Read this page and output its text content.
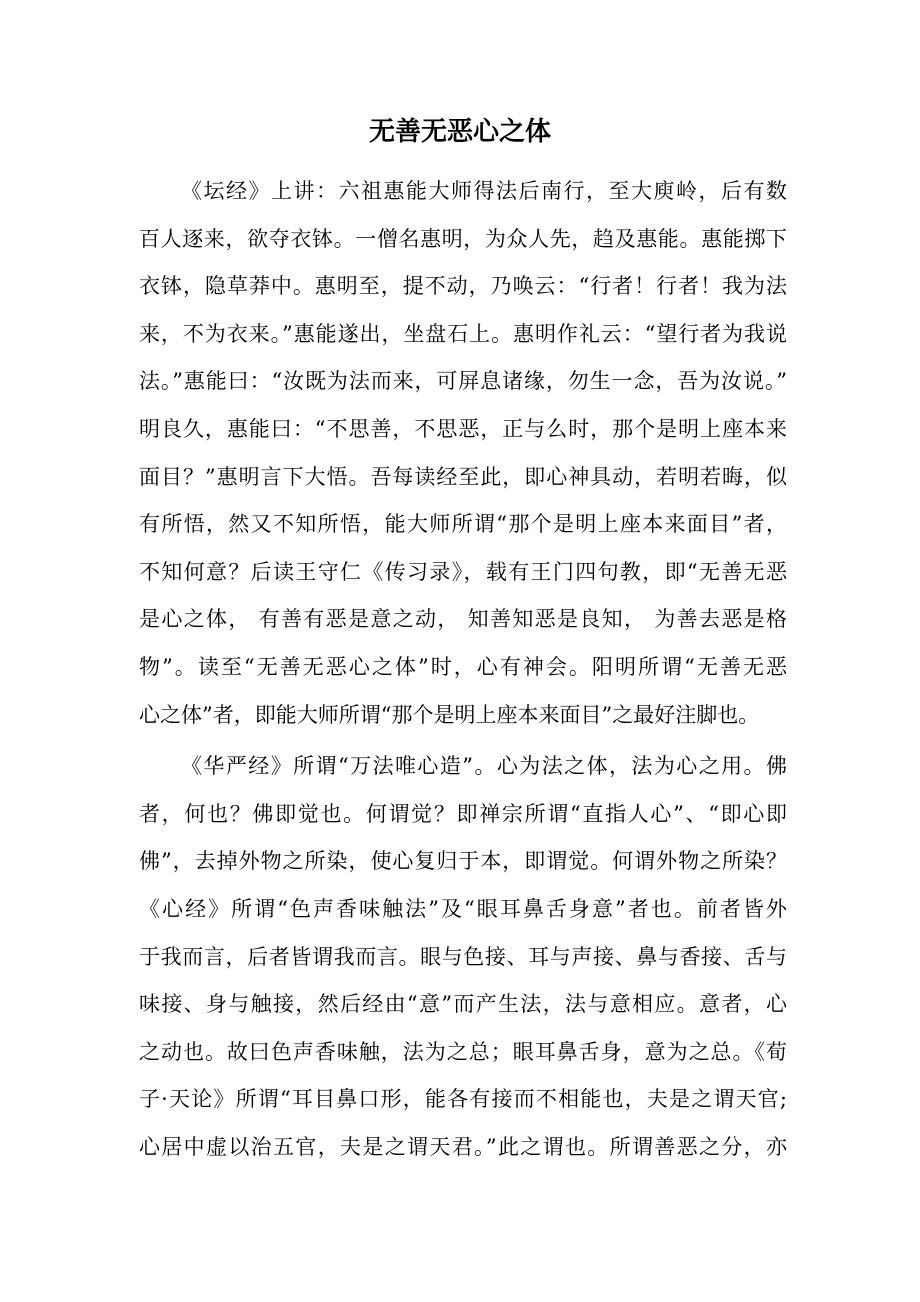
无善无恶心之体
《坛经》上讲：六祖惠能大师得法后南行，至大庾岭，后有数
百人逐来，欲夺衣钵。一僧名惠明，为众人先，趋及惠能。惠能掷下
衣钵，隐草莽中。惠明至，提不动，乃唤云：“行者！行者！我为法
来，不为衣来。”惠能遂出，坐盘石上。惠明作礼云：“望行者为我说
法。”惠能曰：“汝既为法而来，可屏息诸缘，勿生一念，吾为汝说。”
明良久，惠能曰：“不思善，不思恶，正与么时，那个是明上座本来
面目？”惠明言下大悟。吾每读经至此，即心神具动，若明若晦，似
有所悟，然又不知所悟，能大师所谓“那个是明上座本来面目”者，
不知何意？后读王守仁《传习录》，载有王门四句教，即“无善无恶
是心之体， 有善有恶是意之动， 知善知恶是良知， 为善去恶是格
物”。读至“无善无恶心之体”时，心有神会。阳明所谓“无善无恶
心之体”者，即能大师所谓“那个是明上座本来面目”之最好注脚也。
《华严经》所谓“万法唯心造”。心为法之体，法为心之用。佛
者，何也？佛即觉也。何谓觉？即禅宗所谓“直指人心”、“即心即
佛”，去掉外物之所染，使心复归于本，即谓觉。何谓外物之所染？
《心经》所谓“色声香味触法”及“眼耳鼻舌身意”者也。前者皆外
于我而言，后者皆谓我而言。眼与色接、耳与声接、鼻与香接、舌与
味接、身与触接，然后经由“意”而产生法，法与意相应。意者，心
之动也。故曰色声香味触，法为之总；眼耳鼻舌身，意为之总。《荀
子·天论》所谓“耳目鼻口形，能各有接而不相能也，夫是之谓天官;
心居中虚以治五官，夫是之谓天君。”此之谓也。所谓善恶之分，亦
